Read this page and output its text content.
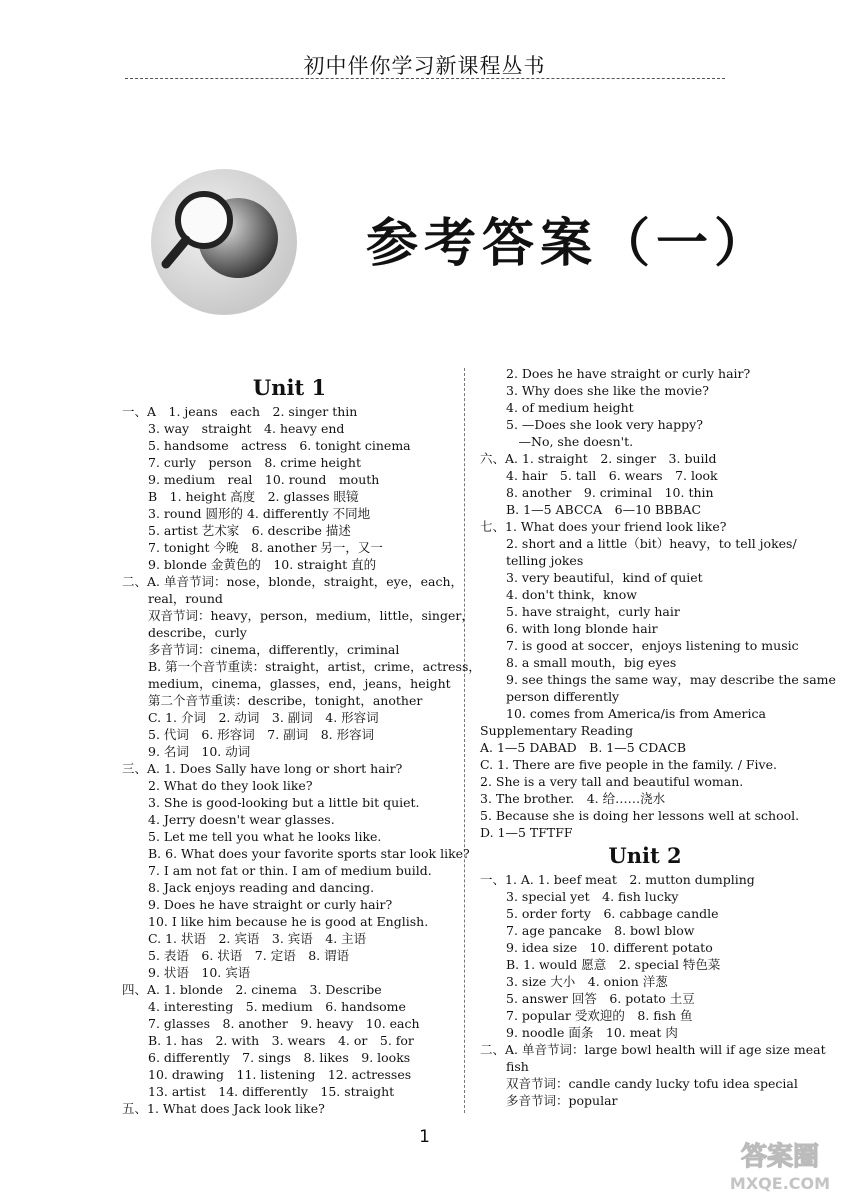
初中伴你学习新课程丛书
参考答案（一）
Unit 1
一、A　1. jeans　each　2. singer thin
3. way　straight　4. heavy end
5. handsome　actress　6. tonight cinema
7. curly　person　8. crime height
9. medium　real　10. round　mouth
B　1. height 高度　2. glasses 眼镜
3. round 圆形的 4. differently 不同地
5. artist 艺术家　6. describe 描述
7. tonight 今晚　8. another 另一，又一
9. blonde 金黄色的　10. straight 直的
二、A. 单音节词：nose，blonde，straight，eye，each，
real，round
双音节词：heavy，person，medium，little，singer，
describe，curly
多音节词：cinema，differently，criminal
B. 第一个音节重读：straight，artist，crime，actress，
medium，cinema，glasses，end，jeans，height
第二个音节重读：describe，tonight，another
C. 1. 介词　2. 动词　3. 副词　4. 形容词
5. 代词　6. 形容词　7. 副词　8. 形容词
9. 名词　10. 动词
三、A. 1. Does Sally have long or short hair?
2. What do they look like?
3. She is good-looking but a little bit quiet.
4. Jerry doesn't wear glasses.
5. Let me tell you what he looks like.
B. 6. What does your favorite sports star look like?
7. I am not fat or thin. I am of medium build.
8. Jack enjoys reading and dancing.
9. Does he have straight or curly hair?
10. I like him because he is good at English.
C. 1. 状语　2. 宾语　3. 宾语　4. 主语
5. 表语　6. 状语　7. 定语　8. 谓语
9. 状语　10. 宾语
四、A. 1. blonde　2. cinema　3. Describe
4. interesting　5. medium　6. handsome
7. glasses　8. another　9. heavy　10. each
B. 1. has　2. with　3. wears　4. or　5. for
6. differently　7. sings　8. likes　9. looks
10. drawing　11. listening　12. actresses
13. artist　14. differently　15. straight
五、1. What does Jack look like?
2. Does he have straight or curly hair?
3. Why does she like the movie?
4. of medium height
5. —Does she look very happy?
　—No, she doesn't.
六、A. 1. straight　2. singer　3. build
4. hair　5. tall　6. wears　7. look
8. another　9. criminal　10. thin
B. 1—5 ABCCA　6—10 BBBAC
七、1. What does your friend look like?
2. short and a little（bit）heavy，to tell jokes/
telling jokes
3. very beautiful，kind of quiet
4. don't think，know
5. have straight，curly hair
6. with long blonde hair
7. is good at soccer，enjoys listening to music
8. a small mouth，big eyes
9. see things the same way，may describe the same
person differently
10. comes from America/is from America
Supplementary Reading
A. 1—5 DABAD　B. 1—5 CDACB
C. 1. There are five people in the family. / Five.
2. She is a very tall and beautiful woman.
3. The brother.　4. 给……浇水
5. Because she is doing her lessons well at school.
D. 1—5 TFTFF
Unit 2
一、1. A. 1. beef meat　2. mutton dumpling
3. special yet　4. fish lucky
5. order forty　6. cabbage candle
7. age pancake　8. bowl blow
9. idea size　10. different potato
B. 1. would 愿意　2. special 特色菜
3. size 大小　4. onion 洋葱
5. answer 回答　6. potato 土豆
7. popular 受欢迎的　8. fish 鱼
9. noodle 面条　10. meat 肉
二、A. 单音节词：large bowl health will if age size meat
fish
双音节词：candle candy lucky tofu idea special
多音节词：popular
1
答案圈
MXQE.COM
